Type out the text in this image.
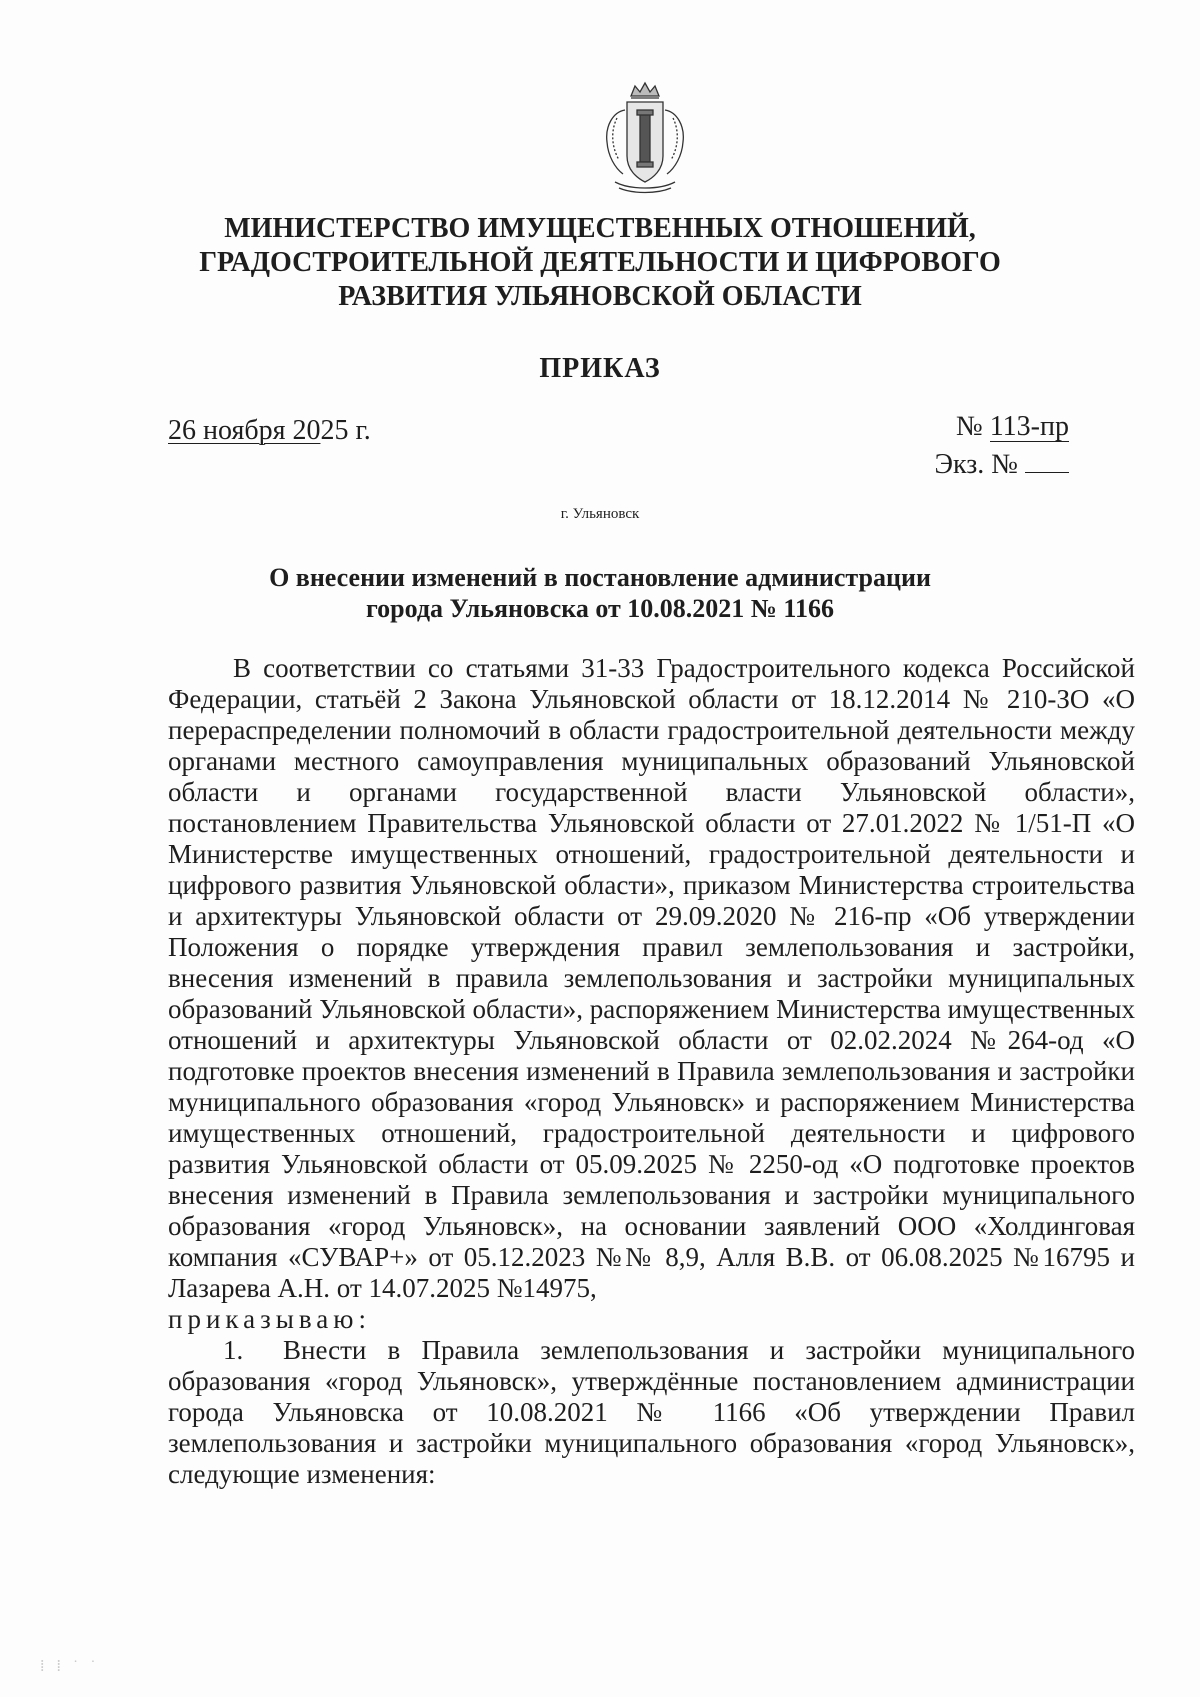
МИНИСТЕРСТВО ИМУЩЕСТВЕННЫХ ОТНОШЕНИЙ,
ГРАДОСТРОИТЕЛЬНОЙ ДЕЯТЕЛЬНОСТИ И ЦИФРОВОГО
РАЗВИТИЯ УЛЬЯНОВСКОЙ ОБЛАСТИ
ПРИКАЗ
26 ноября 2025 г.	№ 113-пр
Экз. №
г. Ульяновск
О внесении изменений в постановление администрации
города Ульяновска от 10.08.2021 № 1166

В соответствии со статьями 31-33 Градостроительного кодекса Российской Федерации, статьёй 2 Закона Ульяновской области от 18.12.2014 № 210-ЗО «О перераспределении полномочий в области градостроительной деятельности между органами местного самоуправления муниципальных образований Ульяновской области и органами государственной власти Ульяновской области», постановлением Правительства Ульяновской области от 27.01.2022 № 1/51-П «О Министерстве имущественных отношений, градостроительной деятельности и цифрового развития Ульяновской области», приказом Министерства строительства и архитектуры Ульяновской области от 29.09.2020 № 216-пр «Об утверждении Положения о порядке утверждения правил землепользования и застройки, внесения изменений в правила землепользования и застройки муниципальных образований Ульяновской области», распоряжением Министерства имущественных отношений и архитектуры Ульяновской области от 02.02.2024 №264-од «О подготовке проектов внесения изменений в Правила землепользования и застройки муниципального образования «город Ульяновск» и распоряжением Министерства имущественных отношений, градостроительной деятельности и цифрового развития Ульяновской области от 05.09.2025 № 2250-од «О подготовке проектов внесения изменений в Правила землепользования и застройки муниципального образования «город Ульяновск», на основании заявлений ООО «Холдинговая компания «СУВАР+» от 05.12.2023 №№ 8,9, Алля В.В. от 06.08.2025 №16795 и Лазарева А.Н. от 14.07.2025 №14975,

приказываю:

1. Внести в Правила землепользования и застройки муниципального образования «город Ульяновск», утверждённые постановлением администрации города Ульяновска от 10.08.2021 № 1166 «Об утверждении Правил землепользования и застройки муниципального образования «город Ульяновск», следующие изменения:

⁞ ⁞ ˙ ˙
